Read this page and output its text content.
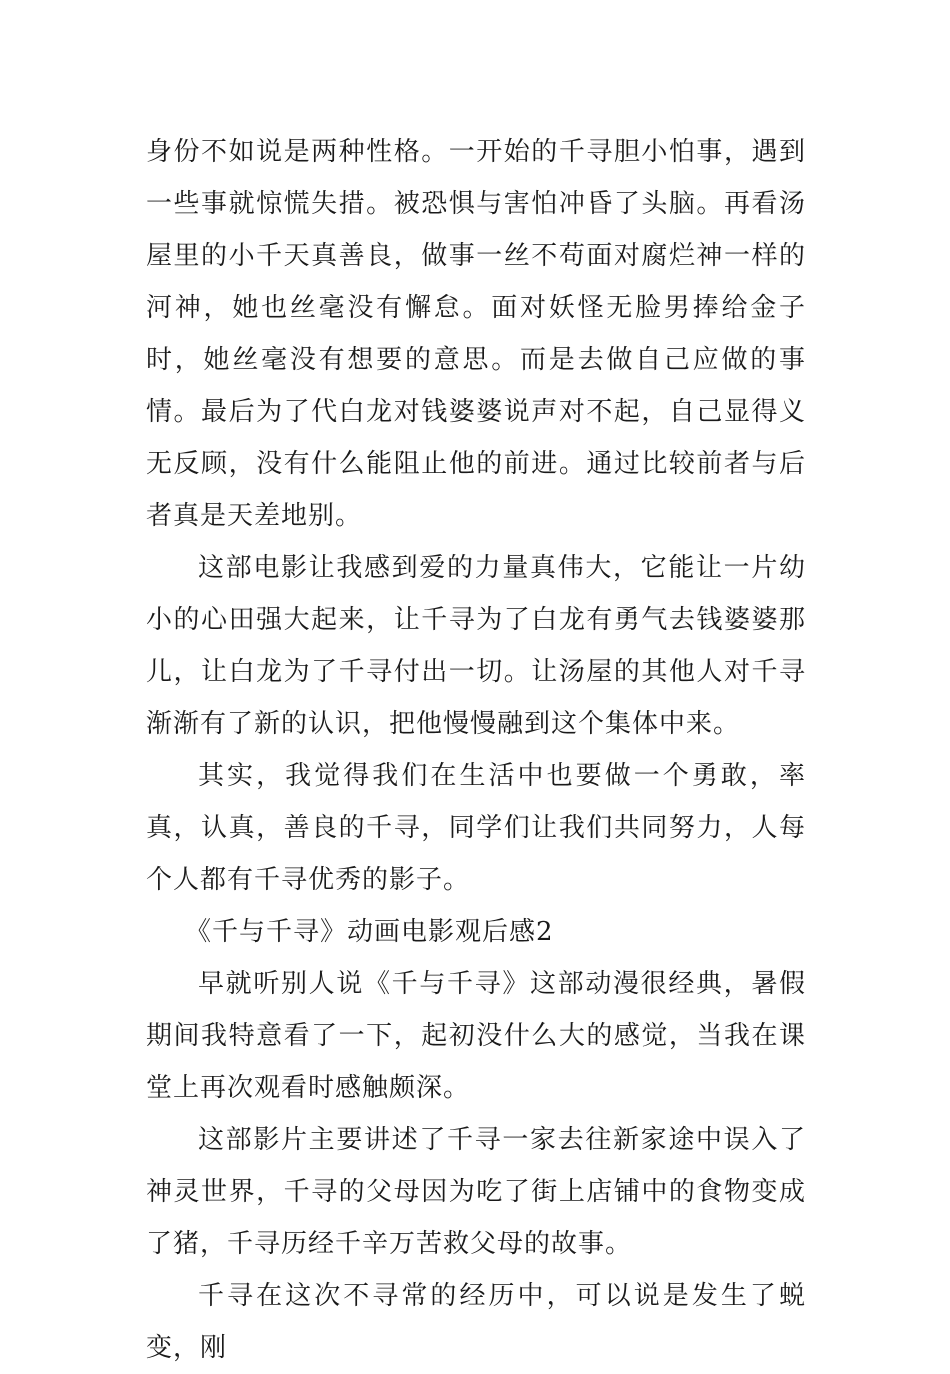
身份不如说是两种性格。一开始的千寻胆小怕事，遇到一些事就惊慌失措。被恐惧与害怕冲昏了头脑。再看汤屋里的小千天真善良，做事一丝不苟面对腐烂神一样的河神，她也丝毫没有懈怠。面对妖怪无脸男捧给金子时，她丝毫没有想要的意思。而是去做自己应做的事情。最后为了代白龙对钱婆婆说声对不起，自己显得义无反顾，没有什么能阻止他的前进。通过比较前者与后者真是天差地别。

这部电影让我感到爱的力量真伟大，它能让一片幼小的心田强大起来，让千寻为了白龙有勇气去钱婆婆那儿，让白龙为了千寻付出一切。让汤屋的其他人对千寻渐渐有了新的认识，把他慢慢融到这个集体中来。

其实，我觉得我们在生活中也要做一个勇敢，率真，认真，善良的千寻，同学们让我们共同努力，人每个人都有千寻优秀的影子。

《千与千寻》动画电影观后感2

早就听别人说《千与千寻》这部动漫很经典，暑假期间我特意看了一下，起初没什么大的感觉，当我在课堂上再次观看时感触颇深。

这部影片主要讲述了千寻一家去往新家途中误入了神灵世界，千寻的父母因为吃了街上店铺中的食物变成了猪，千寻历经千辛万苦救父母的故事。

千寻在这次不寻常的经历中，可以说是发生了蜕变，刚
